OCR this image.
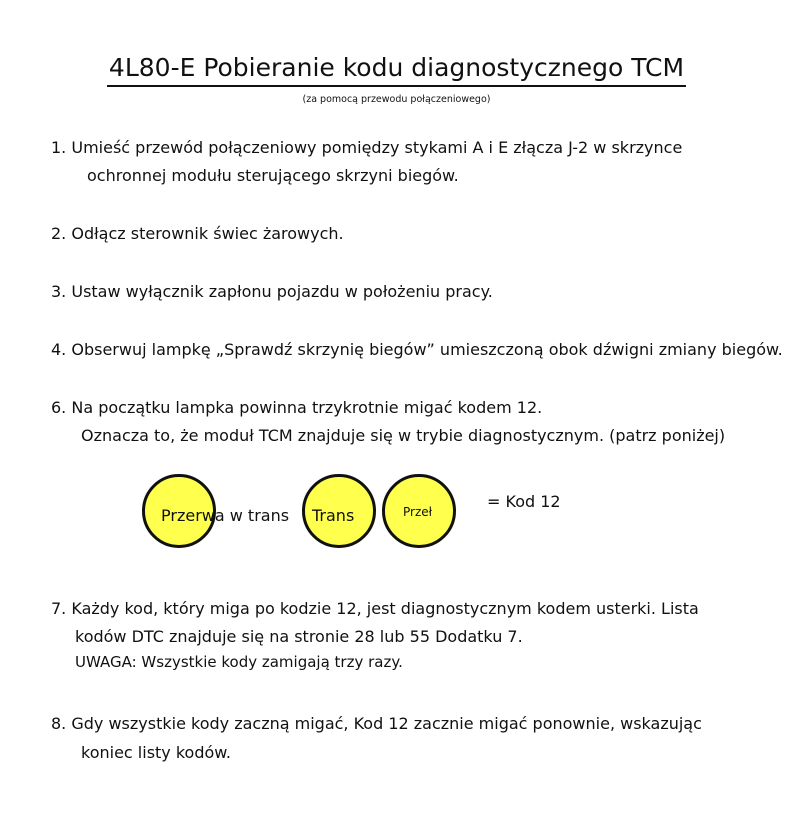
4L80-E Pobieranie kodu diagnostycznego TCM
(za pomocą przewodu połączeniowego)
1. Umieść przewód połączeniowy pomiędzy stykami A i E złącza J-2 w skrzynce
ochronnej modułu sterującego skrzyni biegów.
2. Odłącz sterownik świec żarowych.
3. Ustaw wyłącznik zapłonu pojazdu w położeniu pracy.
4. Obserwuj lampkę „Sprawdź skrzynię biegów” umieszczoną obok dźwigni zmiany biegów.
6. Na początku lampka powinna trzykrotnie migać kodem 12.
Oznacza to, że moduł TCM znajduje się w trybie diagnostycznym. (patrz poniżej)
Przerwa w trans Trans	Przeł
= Kod 12
7. Każdy kod, który miga po kodzie 12, jest diagnostycznym kodem usterki. Lista
kodów DTC znajduje się na stronie 28 lub 55 Dodatku 7.
UWAGA: Wszystkie kody zamigają trzy razy.
8. Gdy wszystkie kody zaczną migać, Kod 12 zacznie migać ponownie, wskazując
koniec listy kodów.
